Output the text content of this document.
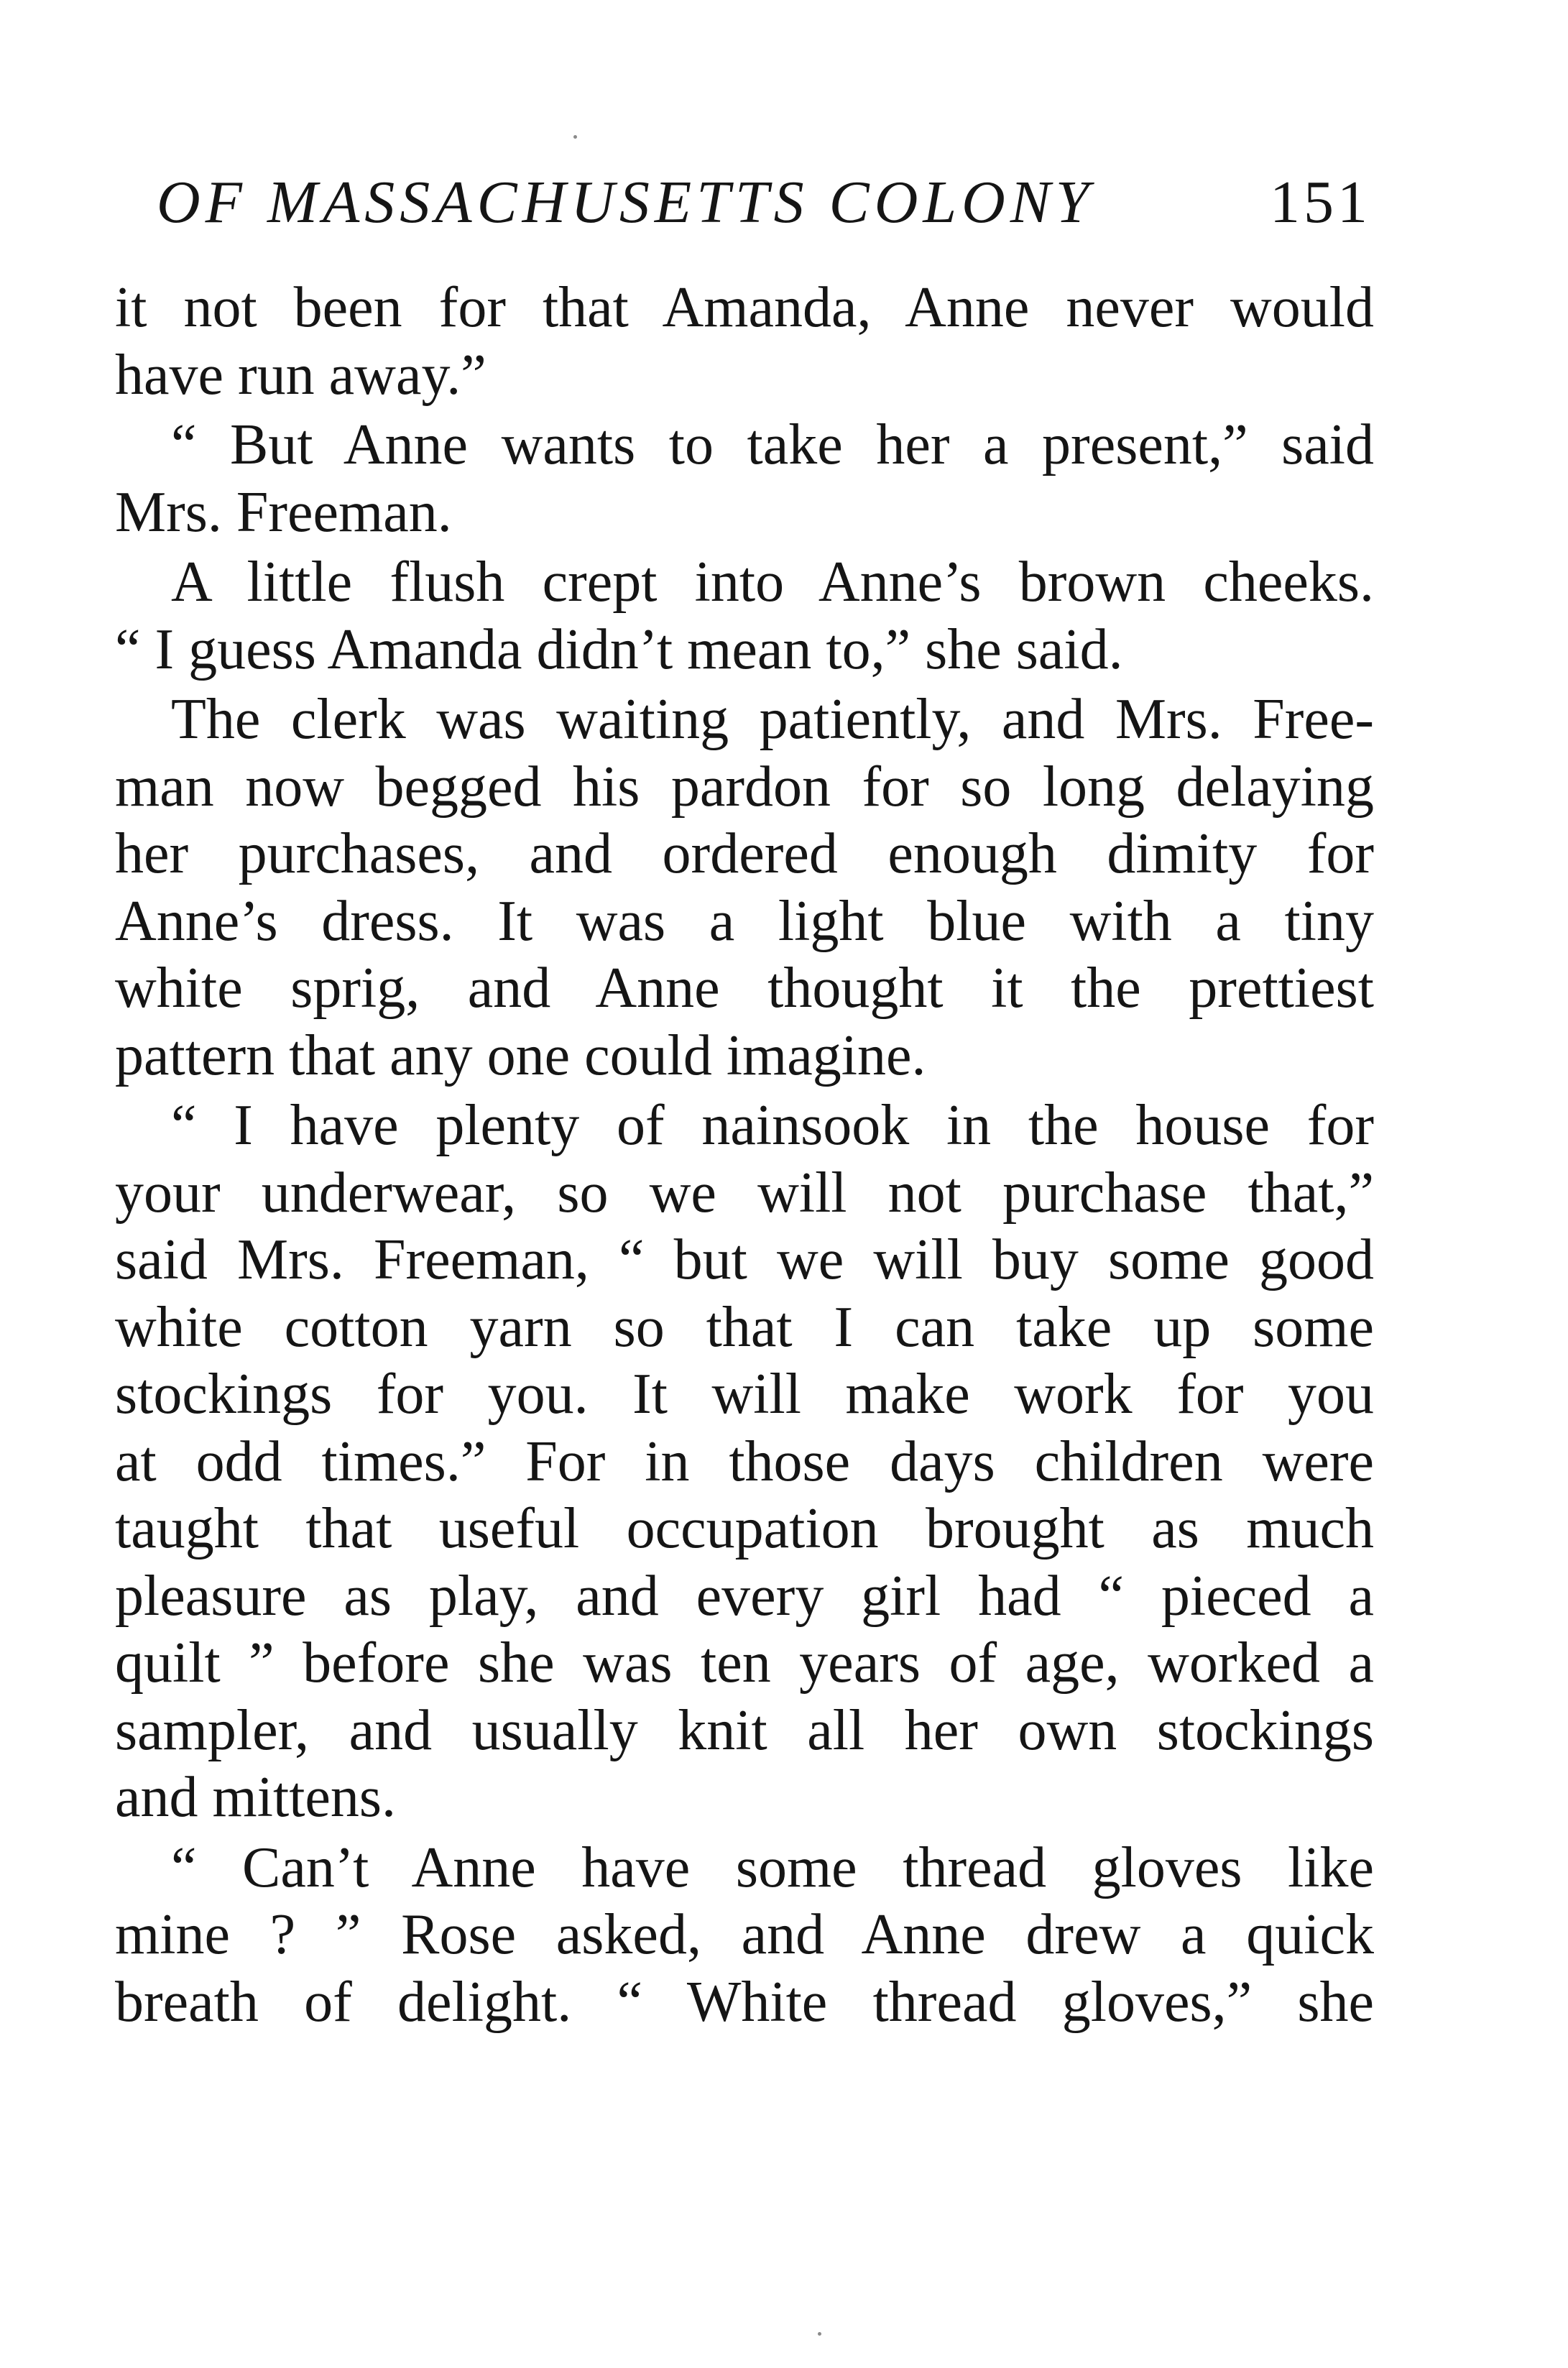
OF MASSACHUSETTS COLONY	151
it not been for that Amanda, Anne never would
have run away.”
“ But Anne wants to take her a present,” said
Mrs. Freeman.
A little flush crept into Anne’s brown cheeks.
“ I guess Amanda didn’t mean to,” she said.
The clerk was waiting patiently, and Mrs. Free-
man now begged his pardon for so long delaying
her purchases, and ordered enough dimity for
Anne’s dress. It was a light blue with a tiny
white sprig, and Anne thought it the prettiest
pattern that any one could imagine.
“ I have plenty of nainsook in the house for
your underwear, so we will not purchase that,”
said Mrs. Freeman, “ but we will buy some good
white cotton yarn so that I can take up some
stockings for you. It will make work for you
at odd times.” For in those days children were
taught that useful occupation brought as much
pleasure as play, and every girl had “ pieced a
quilt ” before she was ten years of age, worked a
sampler, and usually knit all her own stockings
and mittens.
“ Can’t Anne have some thread gloves like
mine ? ” Rose asked, and Anne drew a quick
breath of delight. “ White thread gloves,” she
